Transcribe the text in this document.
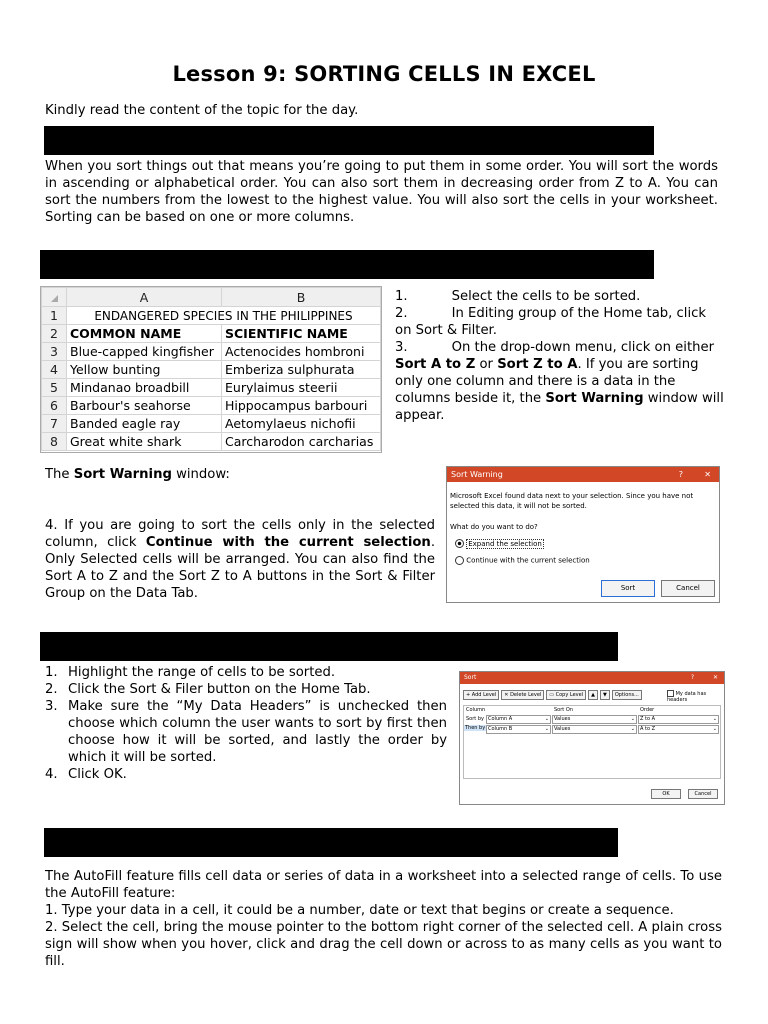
Lesson 9: SORTING CELLS IN EXCEL
Kindly read the content of the topic for the day.
When you sort things out that means you’re going to put them in some order. You will sort the words in ascending or alphabetical order. You can also sort them in decreasing order from Z to A. You can sort the numbers from the lowest to the highest value. You will also sort the cells in your worksheet. Sorting can be based on one or more columns.
	A	B
1	ENDANGERED SPECIES IN THE PHILIPPINES	
2	COMMON NAME	SCIENTIFIC NAME
3	Blue-capped kingfisher	Actenocides hombroni
4	Yellow bunting	Emberiza sulphurata
5	Mindanao broadbill	Eurylaimus steerii
6	Barbour's seahorse	Hippocampus barbouri
7	Banded eagle ray	Aetomylaeus nichofii
8	Great white shark	Carcharodon carcharias
1.	Select the cells to be sorted.
2.	In Editing group of the Home tab, click on Sort & Filter.
3.	On the drop-down menu, click on either Sort A to Z or Sort Z to A. If you are sorting only one column and there is a data in the columns beside it, the Sort Warning window will appear.
The Sort Warning window:
4. If you are going to sort the cells only in the selected column, click Continue with the current selection. Only Selected cells will be arranged. You can also find the Sort A to Z and the Sort Z to A buttons in the Sort & Filter Group on the Data Tab.
Sort Warning	?	✕
Microsoft Excel found data next to your selection. Since you have not selected this data, it will not be sorted.
What do you want to do?
Expand the selection
Continue with the current selection
Sort	Cancel
1. Highlight the range of cells to be sorted.
2. Click the Sort & Filer button on the Home Tab.
3. Make sure the “My Data Headers” is unchecked then choose which column the user wants to sort by first then choose how it will be sorted, and lastly the order by which it will be sorted.
4. Click OK.
Sort	?	✕
+ Add Level	✕ Delete Level	▭ Copy Level	▲	▼	Options...	My data has headers
Column	Sort On	Order
Sort by Column A	⌄	Values	⌄	Z to A	⌄
Then by Column B	⌄	Values	⌄	A to Z	⌄
OK	Cancel
The AutoFill feature fills cell data or series of data in a worksheet into a selected range of cells. To use the AutoFill feature:
1. Type your data in a cell, it could be a number, date or text that begins or create a sequence.
2. Select the cell, bring the mouse pointer to the bottom right corner of the selected cell. A plain cross sign will show when you hover, click and drag the cell down or across to as many cells as you want to fill.
